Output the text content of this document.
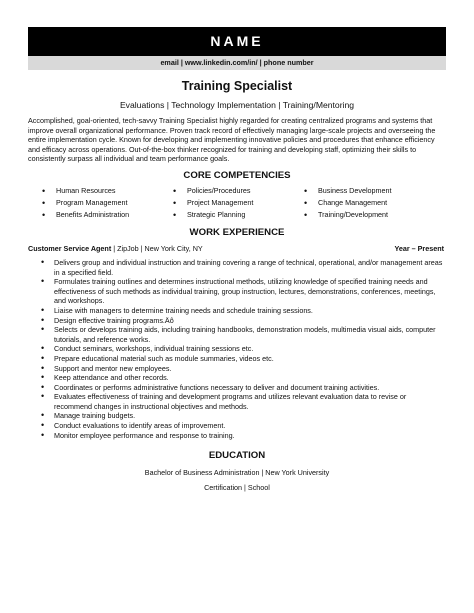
NAME
email | www.linkedin.com/in/ | phone number
Training Specialist
Evaluations | Technology Implementation | Training/Mentoring
Accomplished, goal-oriented, tech-savvy Training Specialist highly regarded for creating centralized programs and systems that improve overall organizational performance. Proven track record of effectively managing large-scale projects and overseeing the entire implementation cycle. Known for developing and implementing innovative policies and procedures that enhance efficiency and efficacy across operations. Out-of-the-box thinker recognized for training and developing staff, optimizing their skills to consistently surpass all individual and team performance goals.
CORE COMPETENCIES
• Human Resources
• Program Management
• Benefits Administration
• Policies/Procedures
• Project Management
• Strategic Planning
• Business Development
• Change Management
• Training/Development
WORK EXPERIENCE
Customer Service Agent | ZipJob | New York City, NY	Year – Present
• Delivers group and individual instruction and training covering a range of technical, operational, and/or management areas in a specified field.
• Formulates training outlines and determines instructional methods, utilizing knowledge of specified training needs and effectiveness of such methods as individual training, group instruction, lectures, demonstrations, conferences, meetings, and workshops.
• Liaise with managers to determine training needs and schedule training sessions.
• Design effective training programs.Äô
• Selects or develops training aids, including training handbooks, demonstration models, multimedia visual aids, computer tutorials, and reference works.
• Conduct seminars, workshops, individual training sessions etc.
• Prepare educational material such as module summaries, videos etc.
• Support and mentor new employees.
• Keep attendance and other records.
• Coordinates or performs administrative functions necessary to deliver and document training activities.
• Evaluates effectiveness of training and development programs and utilizes relevant evaluation data to revise or recommend changes in instructional objectives and methods.
• Manage training budgets.
• Conduct evaluations to identify areas of improvement.
• Monitor employee performance and response to training.
EDUCATION
Bachelor of Business Administration | New York University
Certification | School
